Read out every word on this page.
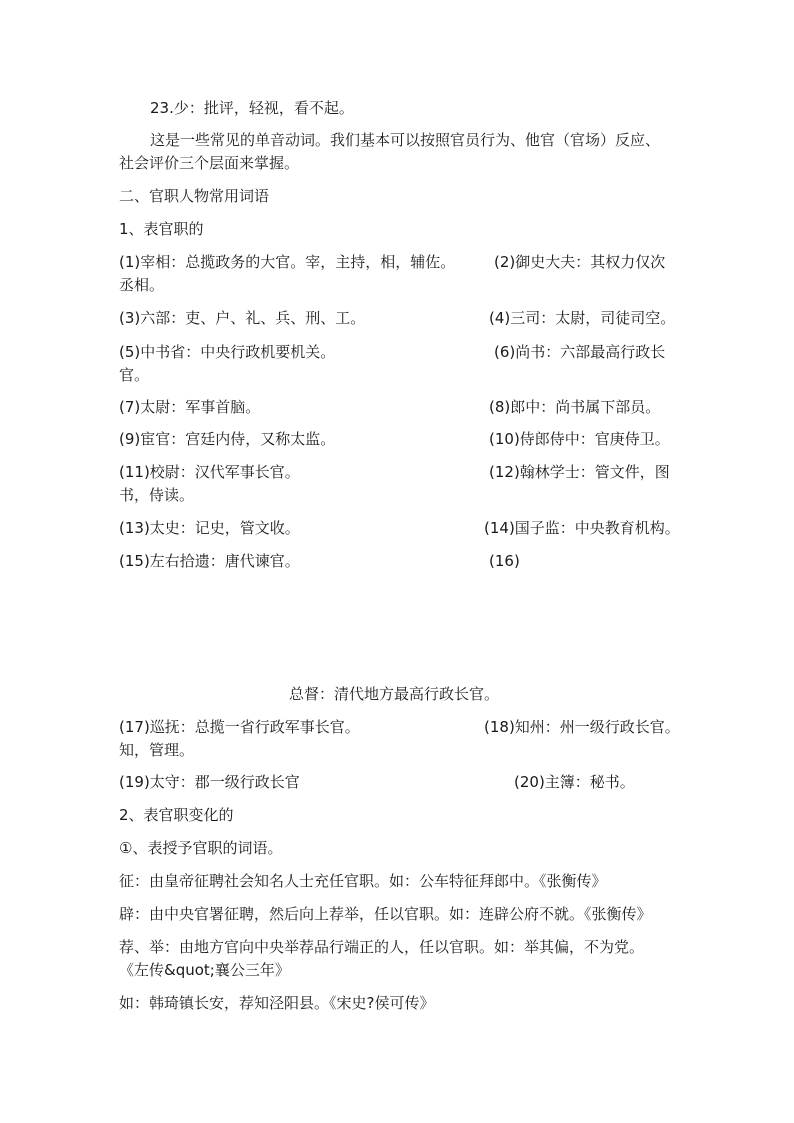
23.少：批评，轻视，看不起。
这是一些常见的单音动词。我们基本可以按照官员行为、他官（官场）反应、
社会评价三个层面来掌握。
二、官职人物常用词语
1、表官职的
(1)宰相：总揽政务的大官。宰，主持，相，辅佐。	(2)御史大夫：其权力仅次
丞相。
(3)六部：吏、户、礼、兵、刑、工。	(4)三司：太尉，司徒司空。
(5)中书省：中央行政机要机关。	(6)尚书：六部最高行政长
官。
(7)太尉：军事首脑。	(8)郎中：尚书属下部员。
(9)宦官：宫廷内侍，又称太监。	(10)侍郎侍中：官庚侍卫。
(11)校尉：汉代军事长官。	(12)翰林学士：管文件，图
书，侍读。
(13)太史：记史，管文收。	(14)国子监：中央教育机构。
(15)左右拾遗：唐代谏官。	(16)
总督：清代地方最高行政长官。
(17)巡抚：总揽一省行政军事长官。	(18)知州：州一级行政长官。
知，管理。
(19)太守：郡一级行政长官	(20)主簿：秘书。
2、表官职变化的
①、表授予官职的词语。
征：由皇帝征聘社会知名人士充任官职。如：公车特征拜郎中。《张衡传》
辟：由中央官署征聘，然后向上荐举，任以官职。如：连辟公府不就。《张衡传》
荐、举：由地方官向中央举荐品行端正的人，任以官职。如：举其偏，不为党。
《左传&quot;襄公三年》
如：韩琦镇长安，荐知泾阳县。《宋史?侯可传》
